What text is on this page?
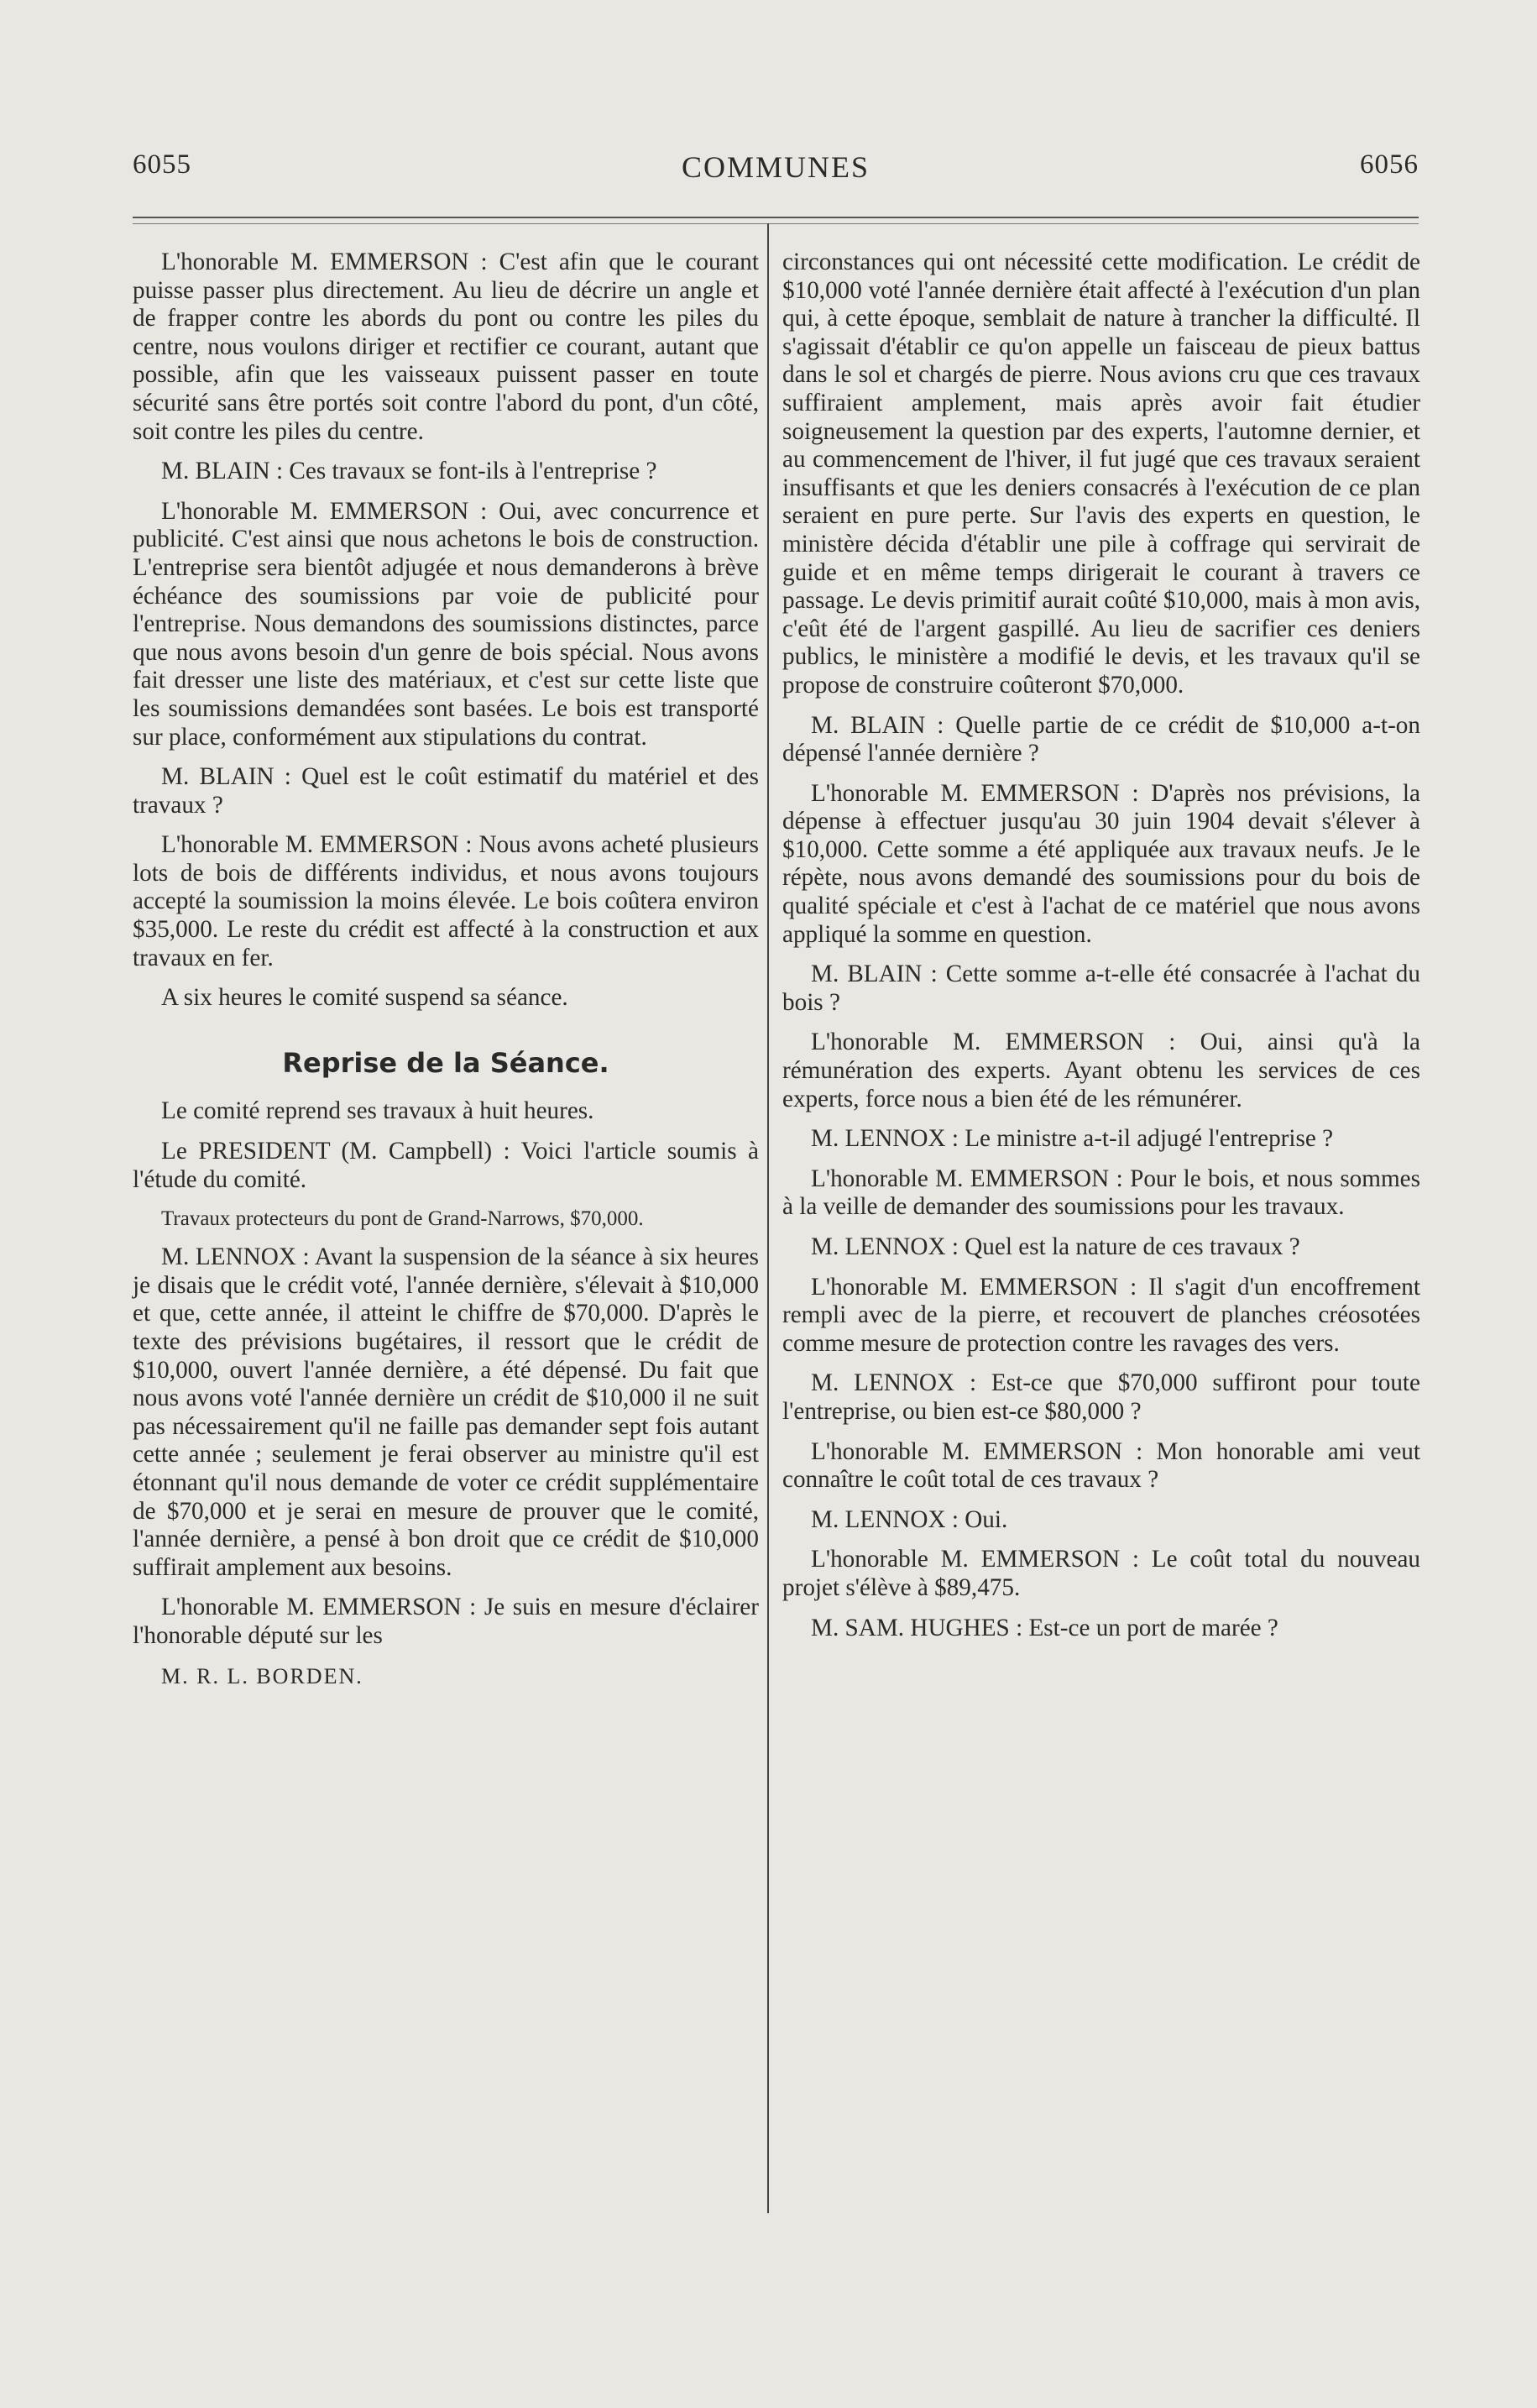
6055	COMMUNES	6056

L'honorable M. EMMERSON : C'est afin que le courant puisse passer plus directement. Au lieu de décrire un angle et de frapper contre les abords du pont ou contre les piles du centre, nous voulons diriger et rectifier ce courant, autant que possible, afin que les vaisseaux puissent passer en toute sécurité sans être portés soit contre l'abord du pont, d'un côté, soit contre les piles du centre.

M. BLAIN : Ces travaux se font-ils à l'entreprise ?

L'honorable M. EMMERSON : Oui, avec concurrence et publicité. C'est ainsi que nous achetons le bois de construction. L'entreprise sera bientôt adjugée et nous demanderons à brève échéance des soumissions par voie de publicité pour l'entreprise. Nous demandons des soumissions distinctes, parce que nous avons besoin d'un genre de bois spécial. Nous avons fait dresser une liste des matériaux, et c'est sur cette liste que les soumissions demandées sont basées. Le bois est transporté sur place, conformément aux stipulations du contrat.

M. BLAIN : Quel est le coût estimatif du matériel et des travaux ?

L'honorable M. EMMERSON : Nous avons acheté plusieurs lots de bois de différents individus, et nous avons toujours accepté la soumission la moins élevée. Le bois coûtera environ $35,000. Le reste du crédit est affecté à la construction et aux travaux en fer.

A six heures le comité suspend sa séance.

Reprise de la Séance.

Le comité reprend ses travaux à huit heures.

Le PRESIDENT (M. Campbell) : Voici l'article soumis à l'étude du comité.

Travaux protecteurs du pont de Grand-Narrows, $70,000.

M. LENNOX : Avant la suspension de la séance à six heures je disais que le crédit voté, l'année dernière, s'élevait à $10,000 et que, cette année, il atteint le chiffre de $70,000. D'après le texte des prévisions bugétaires, il ressort que le crédit de $10,000, ouvert l'année dernière, a été dépensé. Du fait que nous avons voté l'année dernière un crédit de $10,000 il ne suit pas nécessairement qu'il ne faille pas demander sept fois autant cette année ; seulement je ferai observer au ministre qu'il est étonnant qu'il nous demande de voter ce crédit supplémentaire de $70,000 et je serai en mesure de prouver que le comité, l'année dernière, a pensé à bon droit que ce crédit de $10,000 suffirait amplement aux besoins.

L'honorable M. EMMERSON : Je suis en mesure d'éclairer l'honorable député sur les

M. R. L. BORDEN.

circonstances qui ont nécessité cette modification. Le crédit de $10,000 voté l'année dernière était affecté à l'exécution d'un plan qui, à cette époque, semblait de nature à trancher la difficulté. Il s'agissait d'établir ce qu'on appelle un faisceau de pieux battus dans le sol et chargés de pierre. Nous avions cru que ces travaux suffiraient amplement, mais après avoir fait étudier soigneusement la question par des experts, l'automne dernier, et au commencement de l'hiver, il fut jugé que ces travaux seraient insuffisants et que les deniers consacrés à l'exécution de ce plan seraient en pure perte. Sur l'avis des experts en question, le ministère décida d'établir une pile à coffrage qui servirait de guide et en même temps dirigerait le courant à travers ce passage. Le devis primitif aurait coûté $10,000, mais à mon avis, c'eût été de l'argent gaspillé. Au lieu de sacrifier ces deniers publics, le ministère a modifié le devis, et les travaux qu'il se propose de construire coûteront $70,000.

M. BLAIN : Quelle partie de ce crédit de $10,000 a-t-on dépensé l'année dernière ?

L'honorable M. EMMERSON : D'après nos prévisions, la dépense à effectuer jusqu'au 30 juin 1904 devait s'élever à $10,000. Cette somme a été appliquée aux travaux neufs. Je le répète, nous avons demandé des soumissions pour du bois de qualité spéciale et c'est à l'achat de ce matériel que nous avons appliqué la somme en question.

M. BLAIN : Cette somme a-t-elle été consacrée à l'achat du bois ?

L'honorable M. EMMERSON : Oui, ainsi qu'à la rémunération des experts. Ayant obtenu les services de ces experts, force nous a bien été de les rémunérer.

M. LENNOX : Le ministre a-t-il adjugé l'entreprise ?

L'honorable M. EMMERSON : Pour le bois, et nous sommes à la veille de demander des soumissions pour les travaux.

M. LENNOX : Quel est la nature de ces travaux ?

L'honorable M. EMMERSON : Il s'agit d'un encoffrement rempli avec de la pierre, et recouvert de planches créosotées comme mesure de protection contre les ravages des vers.

M. LENNOX : Est-ce que $70,000 suffiront pour toute l'entreprise, ou bien est-ce $80,000 ?

L'honorable M. EMMERSON : Mon honorable ami veut connaître le coût total de ces travaux ?

M. LENNOX : Oui.

L'honorable M. EMMERSON : Le coût total du nouveau projet s'élève à $89,475.

M. SAM. HUGHES : Est-ce un port de marée ?
